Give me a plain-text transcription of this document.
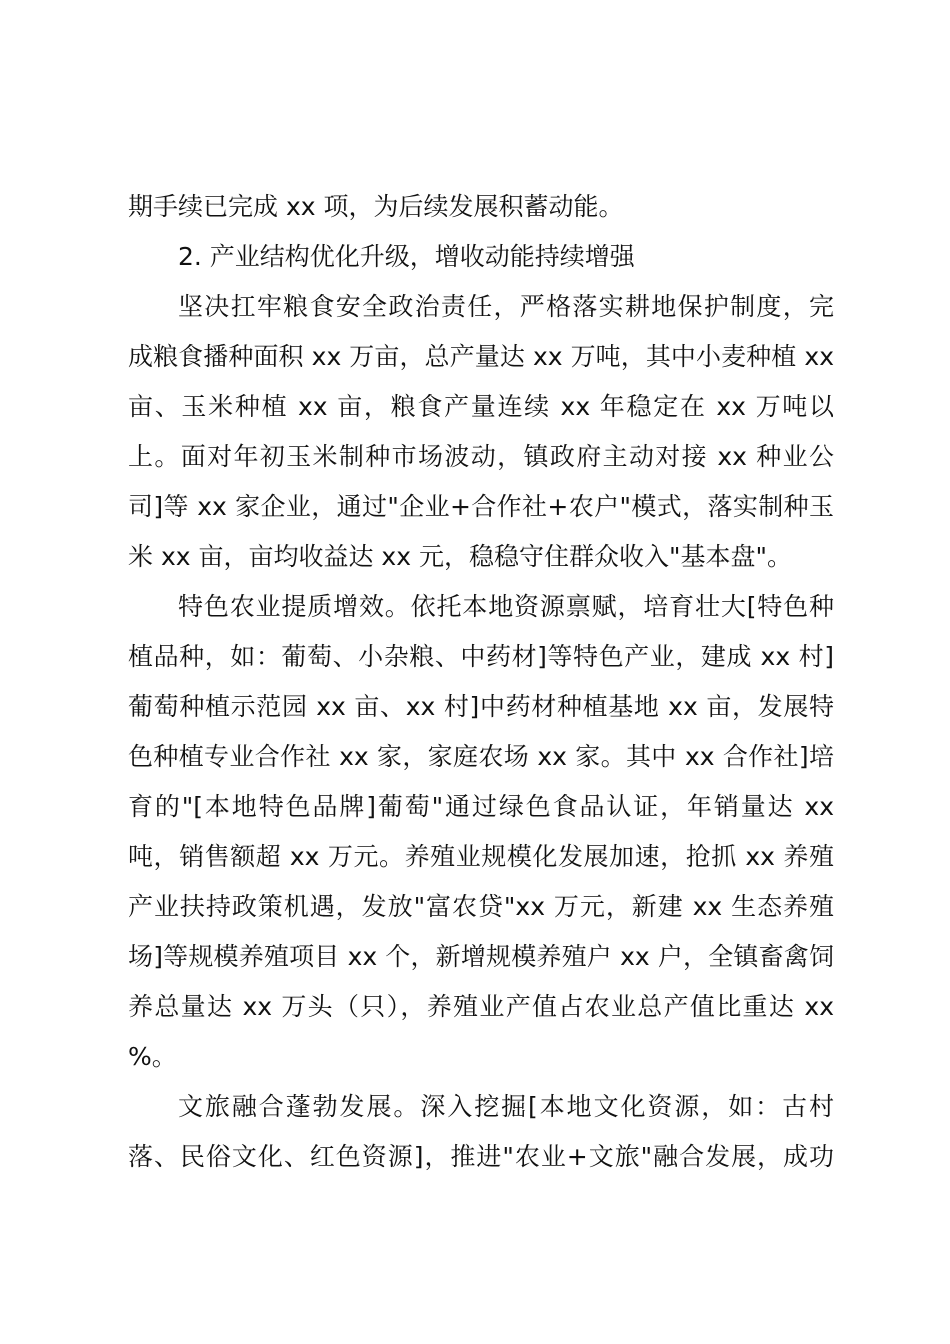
期手续已完成 xx 项，为后续发展积蓄动能。
2. 产业结构优化升级，增收动能持续增强
坚决扛牢粮食安全政治责任，严格落实耕地保护制度，完
成粮食播种面积 xx 万亩，总产量达 xx 万吨，其中小麦种植 xx
亩、玉米种植 xx 亩，粮食产量连续 xx 年稳定在 xx 万吨以
上。面对年初玉米制种市场波动，镇政府主动对接 xx 种业公
司]等 xx 家企业，通过"企业+合作社+农户"模式，落实制种玉
米 xx 亩，亩均收益达 xx 元，稳稳守住群众收入"基本盘"。
特色农业提质增效。依托本地资源禀赋，培育壮大[特色种
植品种，如：葡萄、小杂粮、中药材]等特色产业，建成 xx 村]
葡萄种植示范园 xx 亩、xx 村]中药材种植基地 xx 亩，发展特
色种植专业合作社 xx 家，家庭农场 xx 家。其中 xx 合作社]培
育的"[本地特色品牌]葡萄"通过绿色食品认证，年销量达 xx
吨，销售额超 xx 万元。养殖业规模化发展加速，抢抓 xx 养殖
产业扶持政策机遇，发放"富农贷"xx 万元，新建 xx 生态养殖
场]等规模养殖项目 xx 个，新增规模养殖户 xx 户，全镇畜禽饲
养总量达 xx 万头（只），养殖业产值占农业总产值比重达 xx
%。
文旅融合蓬勃发展。深入挖掘[本地文化资源，如：古村
落、民俗文化、红色资源]，推进"农业+文旅"融合发展，成功
